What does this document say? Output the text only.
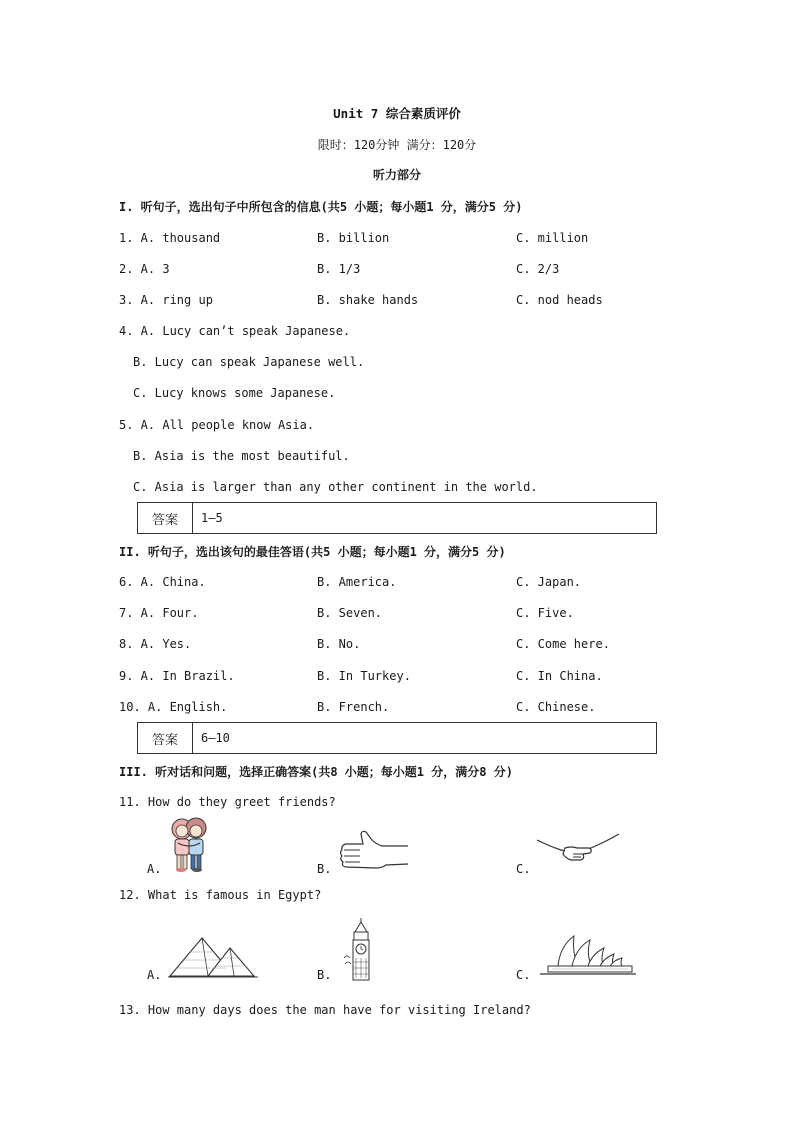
Unit 7 综合素质评价
限时：120分钟 满分：120分
听力部分
I. 听句子，选出句子中所包含的信息(共5 小题；每小题1 分，满分5 分)
1. A. thousand	B. billion	C. million
2. A. 3	B. 1/3	C. 2/3
3. A. ring up	B. shake hands	C. nod heads
4. A. Lucy can’t speak Japanese.
B. Lucy can speak Japanese well.
C. Lucy knows some Japanese.
5. A. All people know Asia.
B. Asia is the most beautiful.
C. Asia is larger than any other continent in the world.
答案	1—5
II. 听句子，选出该句的最佳答语(共5 小题；每小题1 分，满分5 分)
6. A. China.	B. America.	C. Japan.
7. A. Four.	B. Seven.	C. Five.
8. A. Yes.	B. No.	C. Come here.
9. A. In Brazil.	B. In Turkey.	C. In China.
10. A. English.	B. French.	C. Chinese.
答案	6—10
III. 听对话和问题，选择正确答案(共8 小题；每小题1 分，满分8 分)
11. How do they greet friends?
A.	B.	C.
12. What is famous in Egypt?
A.	B.	C.
13. How many days does the man have for visiting Ireland?
